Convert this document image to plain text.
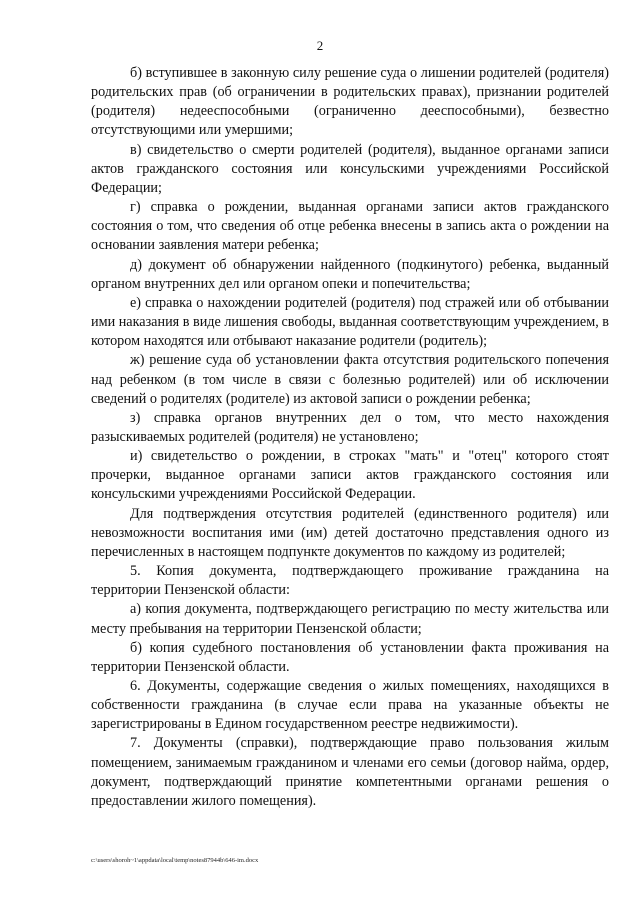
2

б) вступившее в законную силу решение суда о лишении родителей (родителя) родительских прав (об ограничении в родительских правах), признании родителей (родителя) недееспособными (ограниченно дееспособными), безвестно отсутствующими или умершими;

в) свидетельство о смерти родителей (родителя), выданное органами записи актов гражданского состояния или консульскими учреждениями Российской Федерации;

г) справка о рождении, выданная органами записи актов гражданского состояния о том, что сведения об отце ребенка внесены в запись акта о рождении на основании заявления матери ребенка;

д) документ об обнаружении найденного (подкинутого) ребенка, выданный органом внутренних дел или органом опеки и попечительства;

е) справка о нахождении родителей (родителя) под стражей или об отбывании ими наказания в виде лишения свободы, выданная соответствующим учреждением, в котором находятся или отбывают наказание родители (родитель);

ж) решение суда об установлении факта отсутствия родительского попечения над ребенком (в том числе в связи с болезнью родителей) или об исключении сведений о родителях (родителе) из актовой записи о рождении ребенка;

з) справка органов внутренних дел о том, что место нахождения разыскиваемых родителей (родителя) не установлено;

и) свидетельство о рождении, в строках "мать" и "отец" которого стоят прочерки, выданное органами записи актов гражданского состояния или консульскими учреждениями Российской Федерации.

Для подтверждения отсутствия родителей (единственного родителя) или невозможности воспитания ими (им) детей достаточно представления одного из перечисленных в настоящем подпункте документов по каждому из родителей;

5. Копия документа, подтверждающего проживание гражданина на территории Пензенской области:

а) копия документа, подтверждающего регистрацию по месту жительства или месту пребывания на территории Пензенской области;

б) копия судебного постановления об установлении факта проживания на территории Пензенской области.

6. Документы, содержащие сведения о жилых помещениях, находящихся в собственности гражданина (в случае если права на указанные объекты не зарегистрированы в Едином государственном реестре недвижимости).

7. Документы (справки), подтверждающие право пользования жилым помещением, занимаемым гражданином и членами его семьи (договор найма, ордер, документ, подтверждающий принятие компетентными органами решения о предоставлении жилого помещения).

c:\users\shoroh~1\appdata\local\temp\notes87944b\646-im.docx
